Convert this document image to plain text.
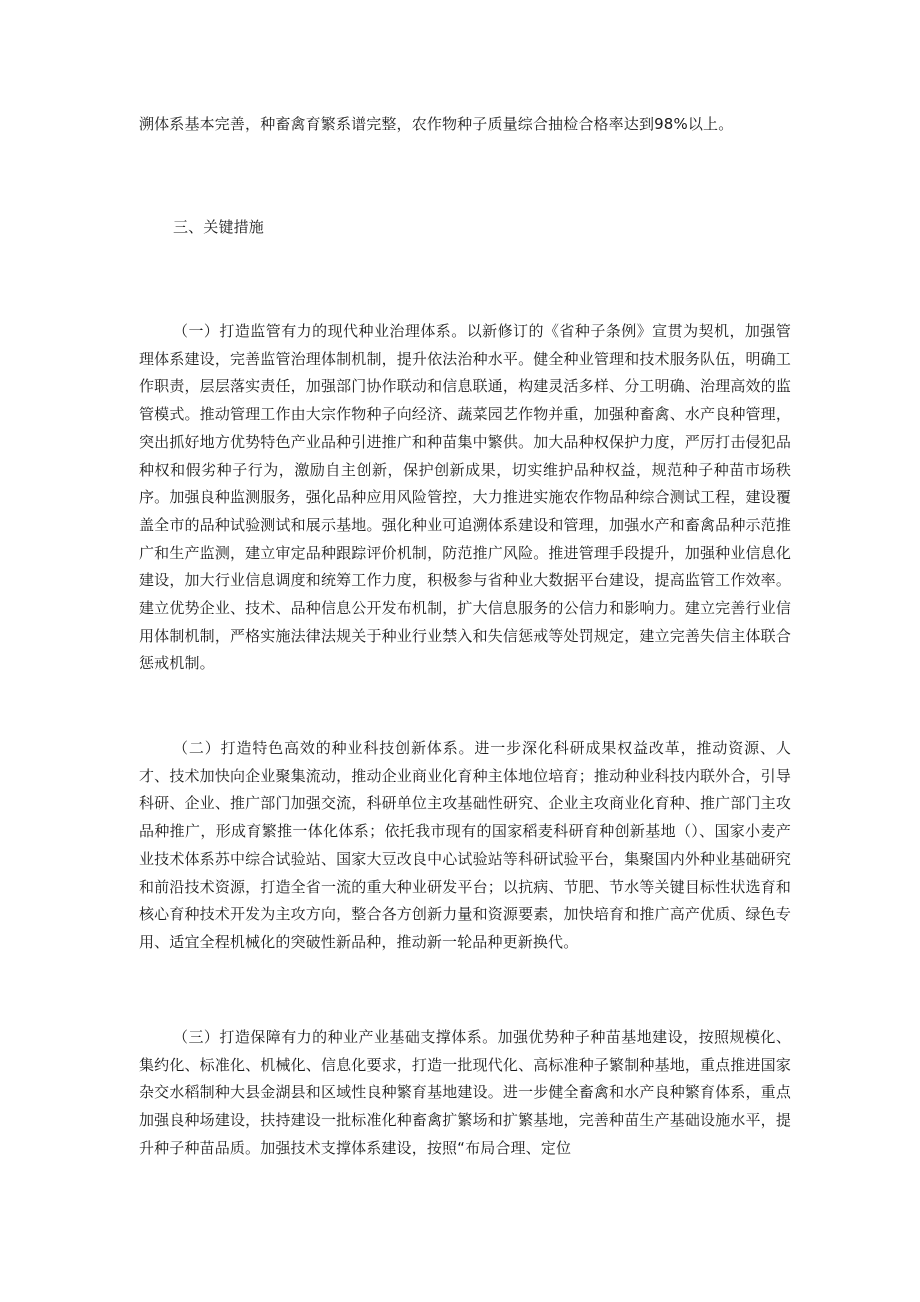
溯体系基本完善，种畜禽育繁系谱完整，农作物种子质量综合抽检合格率达到98%以上。

三、关键措施

（一）打造监管有力的现代种业治理体系。以新修订的《省种子条例》宣贯为契机，加强管理体系建设，完善监管治理体制机制，提升依法治种水平。健全种业管理和技术服务队伍，明确工作职责，层层落实责任，加强部门协作联动和信息联通，构建灵活多样、分工明确、治理高效的监管模式。推动管理工作由大宗作物种子向经济、蔬菜园艺作物并重，加强种畜禽、水产良种管理，突出抓好地方优势特色产业品种引进推广和种苗集中繁供。加大品种权保护力度，严厉打击侵犯品种权和假劣种子行为，激励自主创新，保护创新成果，切实维护品种权益，规范种子种苗市场秩序。加强良种监测服务，强化品种应用风险管控，大力推进实施农作物品种综合测试工程，建设覆盖全市的品种试验测试和展示基地。强化种业可追溯体系建设和管理，加强水产和畜禽品种示范推广和生产监测，建立审定品种跟踪评价机制，防范推广风险。推进管理手段提升，加强种业信息化建设，加大行业信息调度和统筹工作力度，积极参与省种业大数据平台建设，提高监管工作效率。建立优势企业、技术、品种信息公开发布机制，扩大信息服务的公信力和影响力。建立完善行业信用体制机制，严格实施法律法规关于种业行业禁入和失信惩戒等处罚规定，建立完善失信主体联合惩戒机制。

（二）打造特色高效的种业科技创新体系。进一步深化科研成果权益改革，推动资源、人才、技术加快向企业聚集流动，推动企业商业化育种主体地位培育；推动种业科技内联外合，引导科研、企业、推广部门加强交流，科研单位主攻基础性研究、企业主攻商业化育种、推广部门主攻品种推广，形成育繁推一体化体系；依托我市现有的国家稻麦科研育种创新基地（）、国家小麦产业技术体系苏中综合试验站、国家大豆改良中心试验站等科研试验平台，集聚国内外种业基础研究和前沿技术资源，打造全省一流的重大种业研发平台；以抗病、节肥、节水等关键目标性状选育和核心育种技术开发为主攻方向，整合各方创新力量和资源要素，加快培育和推广高产优质、绿色专用、适宜全程机械化的突破性新品种，推动新一轮品种更新换代。

（三）打造保障有力的种业产业基础支撑体系。加强优势种子种苗基地建设，按照规模化、集约化、标准化、机械化、信息化要求，打造一批现代化、高标准种子繁制种基地，重点推进国家杂交水稻制种大县金湖县和区域性良种繁育基地建设。进一步健全畜禽和水产良种繁育体系，重点加强良种场建设，扶持建设一批标准化种畜禽扩繁场和扩繁基地，完善种苗生产基础设施水平，提升种子种苗品质。加强技术支撑体系建设，按照“布局合理、定位
